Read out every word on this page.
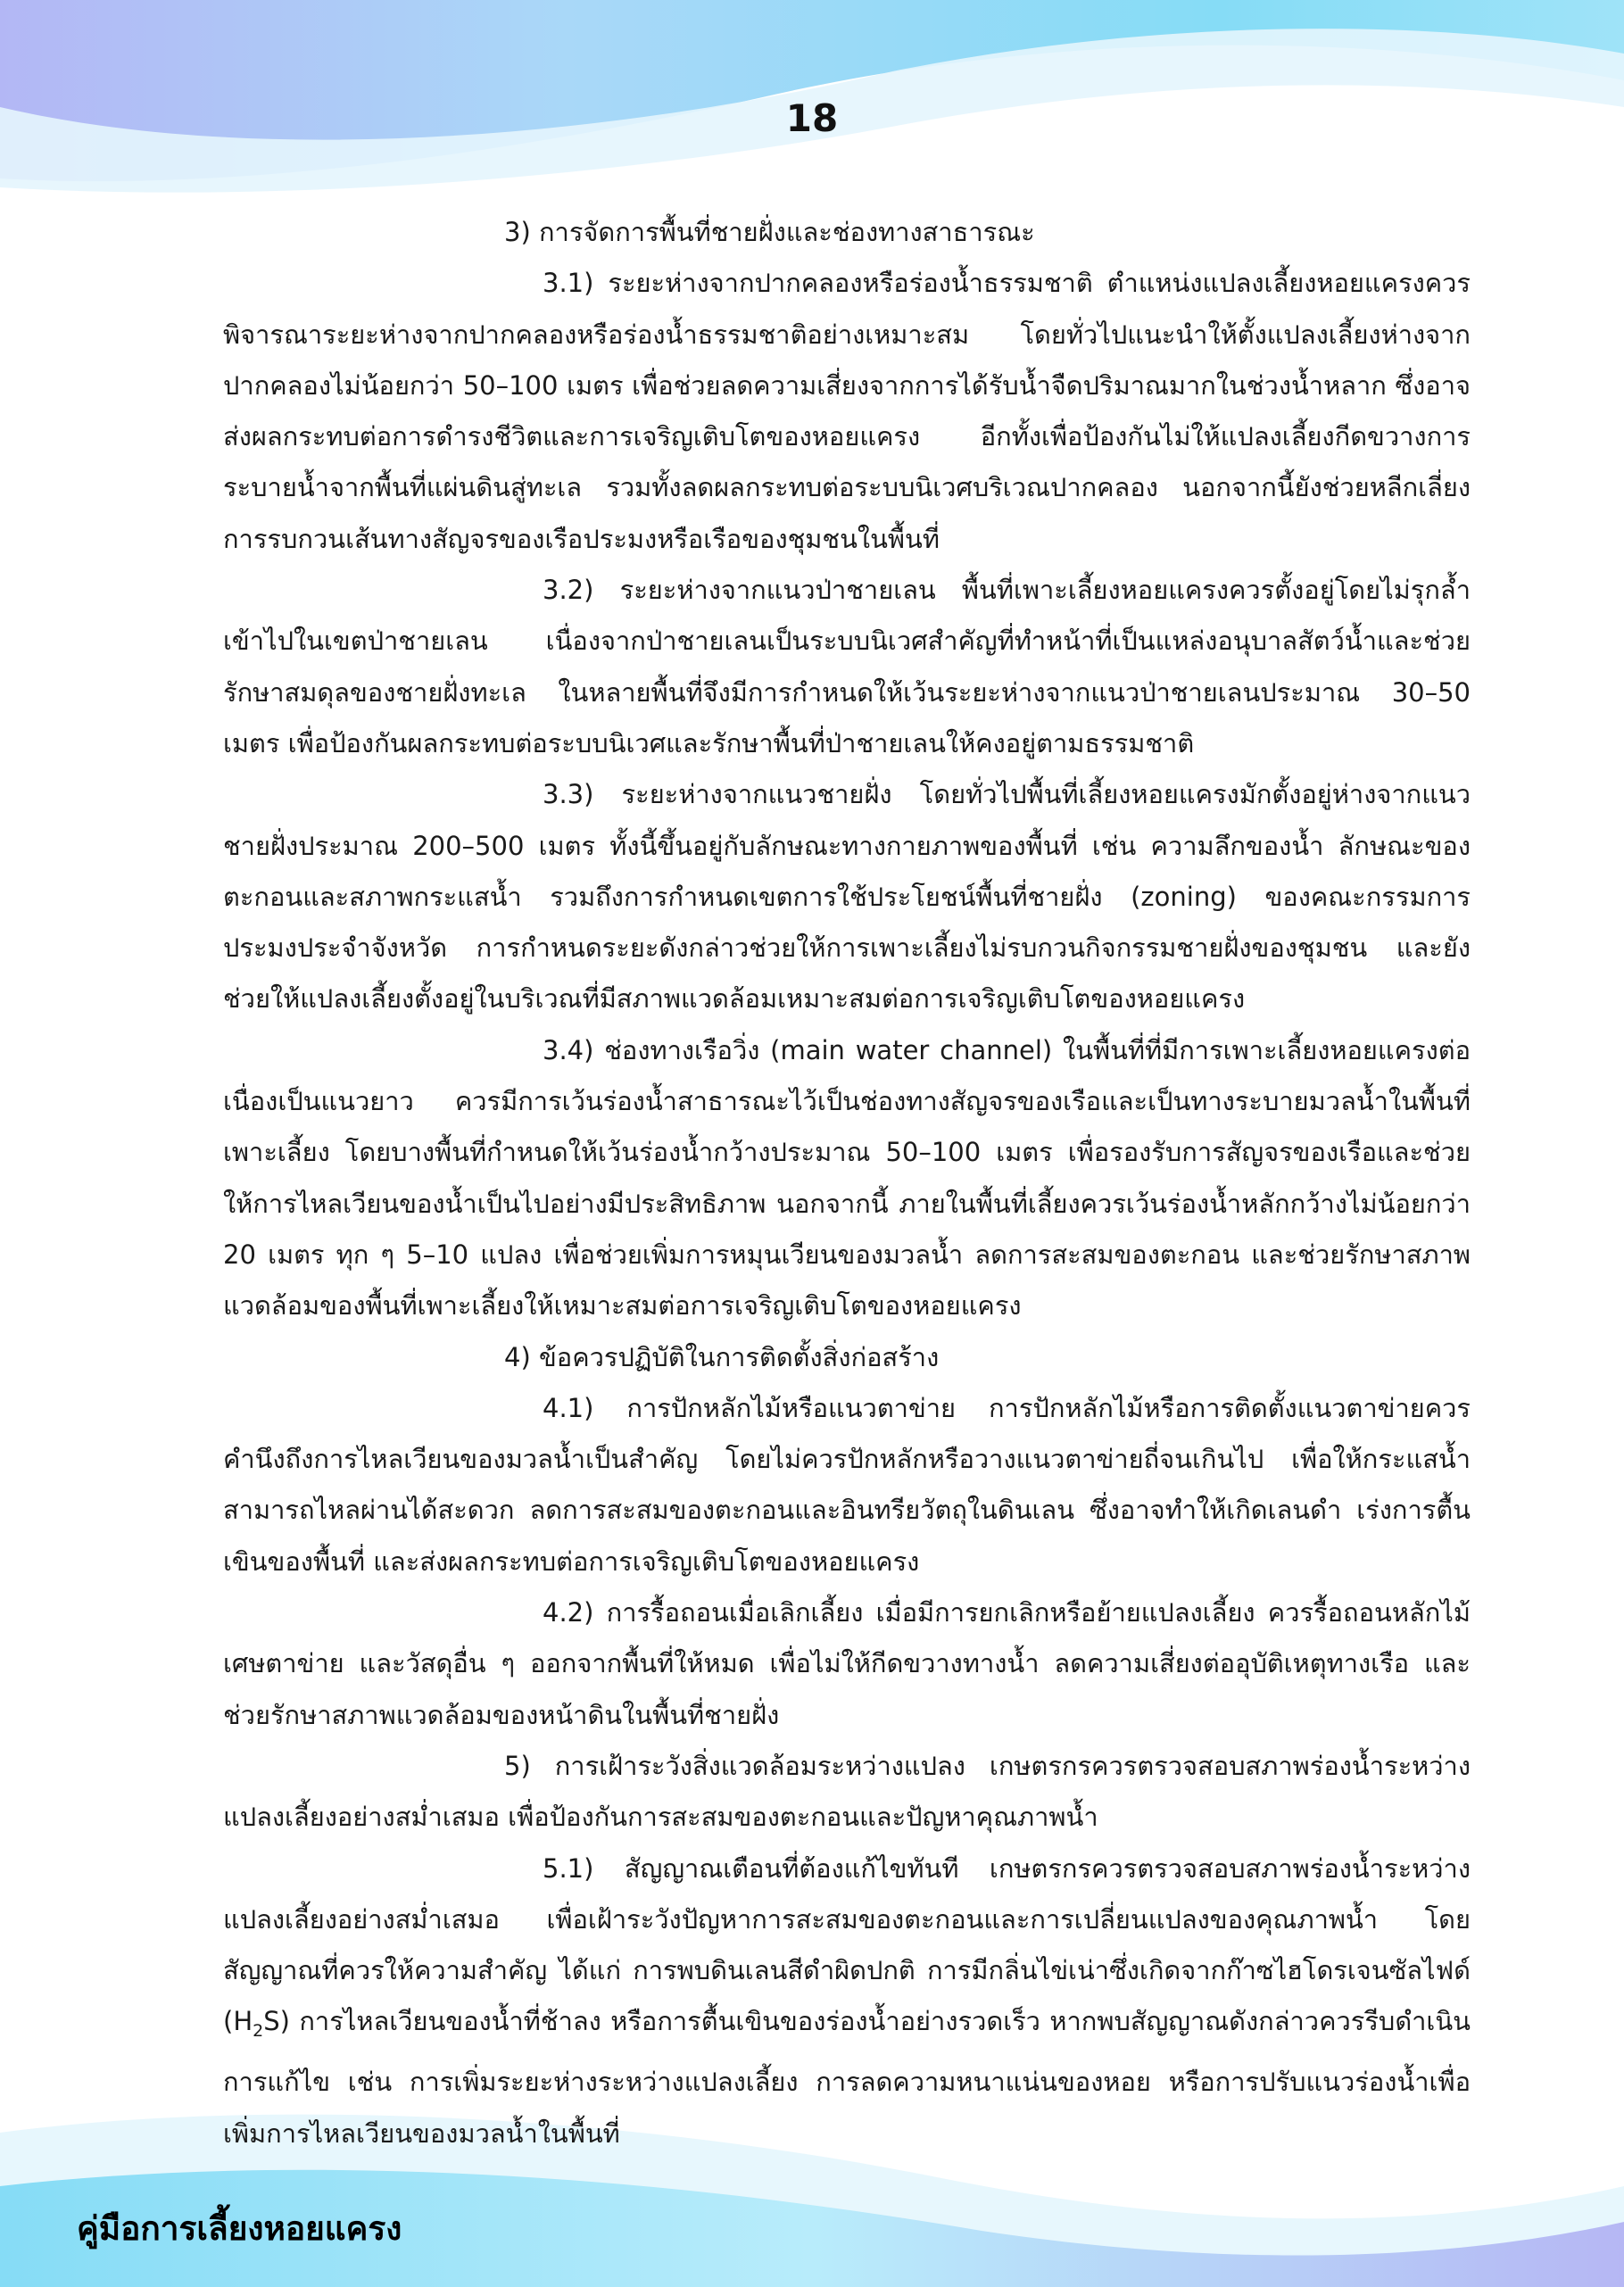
18

3) การจัดการพื้นที่ชายฝั่งและช่องทางสาธารณะ

3.1) ระยะห่างจากปากคลองหรือร่องน้ำธรรมชาติ ตำแหน่งแปลงเลี้ยงหอยแครงควรพิจารณาระยะห่างจากปากคลองหรือร่องน้ำธรรมชาติอย่างเหมาะสม โดยทั่วไปแนะนำให้ตั้งแปลงเลี้ยงห่างจากปากคลองไม่น้อยกว่า 50–100 เมตร เพื่อช่วยลดความเสี่ยงจากการได้รับน้ำจืดปริมาณมากในช่วงน้ำหลาก ซึ่งอาจส่งผลกระทบต่อการดำรงชีวิตและการเจริญเติบโตของหอยแครง อีกทั้งเพื่อป้องกันไม่ให้แปลงเลี้ยงกีดขวางการระบายน้ำจากพื้นที่แผ่นดินสู่ทะเล รวมทั้งลดผลกระทบต่อระบบนิเวศบริเวณปากคลอง นอกจากนี้ยังช่วยหลีกเลี่ยงการรบกวนเส้นทางสัญจรของเรือประมงหรือเรือของชุมชนในพื้นที่

3.2) ระยะห่างจากแนวป่าชายเลน พื้นที่เพาะเลี้ยงหอยแครงควรตั้งอยู่โดยไม่รุกล้ำเข้าไปในเขตป่าชายเลน เนื่องจากป่าชายเลนเป็นระบบนิเวศสำคัญที่ทำหน้าที่เป็นแหล่งอนุบาลสัตว์น้ำและช่วยรักษาสมดุลของชายฝั่งทะเล ในหลายพื้นที่จึงมีการกำหนดให้เว้นระยะห่างจากแนวป่าชายเลนประมาณ 30–50 เมตร เพื่อป้องกันผลกระทบต่อระบบนิเวศและรักษาพื้นที่ป่าชายเลนให้คงอยู่ตามธรรมชาติ

3.3) ระยะห่างจากแนวชายฝั่ง โดยทั่วไปพื้นที่เลี้ยงหอยแครงมักตั้งอยู่ห่างจากแนวชายฝั่งประมาณ 200–500 เมตร ทั้งนี้ขึ้นอยู่กับลักษณะทางกายภาพของพื้นที่ เช่น ความลึกของน้ำ ลักษณะของตะกอนและสภาพกระแสน้ำ รวมถึงการกำหนดเขตการใช้ประโยชน์พื้นที่ชายฝั่ง (zoning) ของคณะกรรมการประมงประจำจังหวัด การกำหนดระยะดังกล่าวช่วยให้การเพาะเลี้ยงไม่รบกวนกิจกรรมชายฝั่งของชุมชน และยังช่วยให้แปลงเลี้ยงตั้งอยู่ในบริเวณที่มีสภาพแวดล้อมเหมาะสมต่อการเจริญเติบโตของหอยแครง

3.4) ช่องทางเรือวิ่ง (main water channel) ในพื้นที่ที่มีการเพาะเลี้ยงหอยแครงต่อเนื่องเป็นแนวยาว ควรมีการเว้นร่องน้ำสาธารณะไว้เป็นช่องทางสัญจรของเรือและเป็นทางระบายมวลน้ำในพื้นที่เพาะเลี้ยง โดยบางพื้นที่กำหนดให้เว้นร่องน้ำกว้างประมาณ 50–100 เมตร เพื่อรองรับการสัญจรของเรือและช่วยให้การไหลเวียนของน้ำเป็นไปอย่างมีประสิทธิภาพ นอกจากนี้ ภายในพื้นที่เลี้ยงควรเว้นร่องน้ำหลักกว้างไม่น้อยกว่า 20 เมตร ทุก ๆ 5–10 แปลง เพื่อช่วยเพิ่มการหมุนเวียนของมวลน้ำ ลดการสะสมของตะกอน และช่วยรักษาสภาพแวดล้อมของพื้นที่เพาะเลี้ยงให้เหมาะสมต่อการเจริญเติบโตของหอยแครง

4) ข้อควรปฏิบัติในการติดตั้งสิ่งก่อสร้าง

4.1) การปักหลักไม้หรือแนวตาข่าย การปักหลักไม้หรือการติดตั้งแนวตาข่ายควรคำนึงถึงการไหลเวียนของมวลน้ำเป็นสำคัญ โดยไม่ควรปักหลักหรือวางแนวตาข่ายถี่จนเกินไป เพื่อให้กระแสน้ำสามารถไหลผ่านได้สะดวก ลดการสะสมของตะกอนและอินทรียวัตถุในดินเลน ซึ่งอาจทำให้เกิดเลนดำ เร่งการตื้นเขินของพื้นที่ และส่งผลกระทบต่อการเจริญเติบโตของหอยแครง

4.2) การรื้อถอนเมื่อเลิกเลี้ยง เมื่อมีการยกเลิกหรือย้ายแปลงเลี้ยง ควรรื้อถอนหลักไม้ เศษตาข่าย และวัสดุอื่น ๆ ออกจากพื้นที่ให้หมด เพื่อไม่ให้กีดขวางทางน้ำ ลดความเสี่ยงต่ออุบัติเหตุทางเรือ และช่วยรักษาสภาพแวดล้อมของหน้าดินในพื้นที่ชายฝั่ง

5) การเฝ้าระวังสิ่งแวดล้อมระหว่างแปลง เกษตรกรควรตรวจสอบสภาพร่องน้ำระหว่างแปลงเลี้ยงอย่างสม่ำเสมอ เพื่อป้องกันการสะสมของตะกอนและปัญหาคุณภาพน้ำ

5.1) สัญญาณเตือนที่ต้องแก้ไขทันที เกษตรกรควรตรวจสอบสภาพร่องน้ำระหว่างแปลงเลี้ยงอย่างสม่ำเสมอ เพื่อเฝ้าระวังปัญหาการสะสมของตะกอนและการเปลี่ยนแปลงของคุณภาพน้ำ โดยสัญญาณที่ควรให้ความสำคัญ ได้แก่ การพบดินเลนสีดำผิดปกติ การมีกลิ่นไข่เน่าซึ่งเกิดจากก๊าซไฮโดรเจนซัลไฟด์ $(H_2S)$ การไหลเวียนของน้ำที่ช้าลง หรือการตื้นเขินของร่องน้ำอย่างรวดเร็ว หากพบสัญญาณดังกล่าวควรรีบดำเนินการแก้ไข เช่น การเพิ่มระยะห่างระหว่างแปลงเลี้ยง การลดความหนาแน่นของหอย หรือการปรับแนวร่องน้ำเพื่อเพิ่มการไหลเวียนของมวลน้ำในพื้นที่

คู่มือการเลี้ยงหอยแครง
